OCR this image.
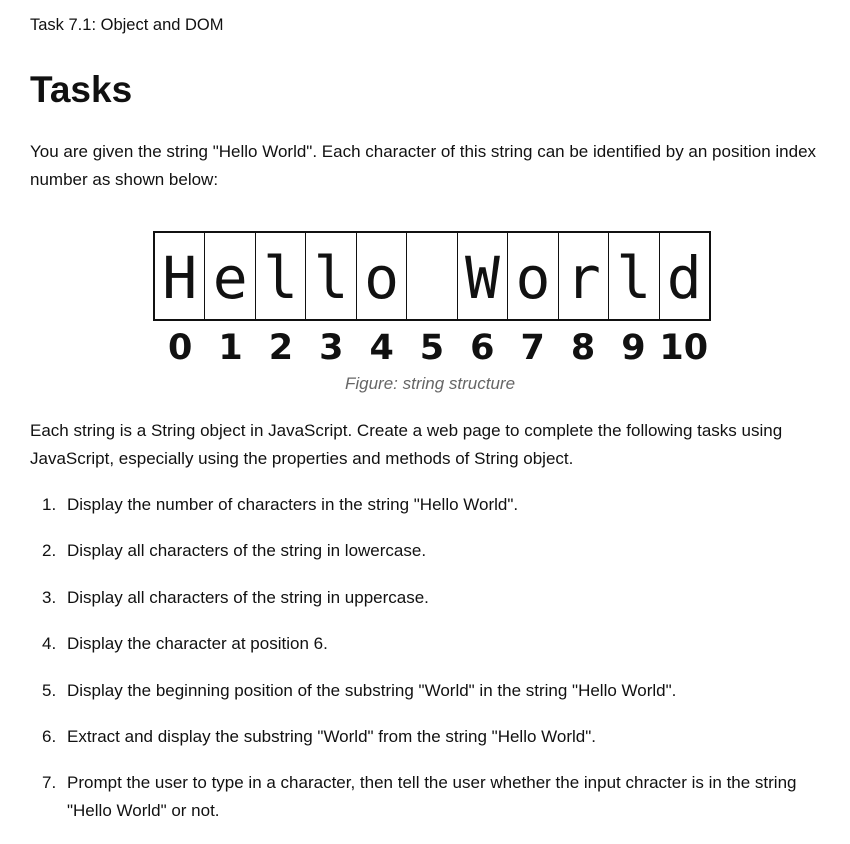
Task 7.1: Object and DOM
Tasks

You are given the string "Hello World". Each character of this string can be identified by an position index number as shown below:

H e l l o W o r l d
0 1 2 3 4 5 6 7 8 9 10
Figure: string structure

Each string is a String object in JavaScript. Create a web page to complete the following tasks using JavaScript, especially using the properties and methods of String object.

1. Display the number of characters in the string "Hello World".
2. Display all characters of the string in lowercase.
3. Display all characters of the string in uppercase.
4. Display the character at position 6.
5. Display the beginning position of the substring "World" in the string "Hello World".
6. Extract and display the substring "World" from the string "Hello World".
7. Prompt the user to type in a character, then tell the user whether the input chracter is in the string "Hello World" or not.
